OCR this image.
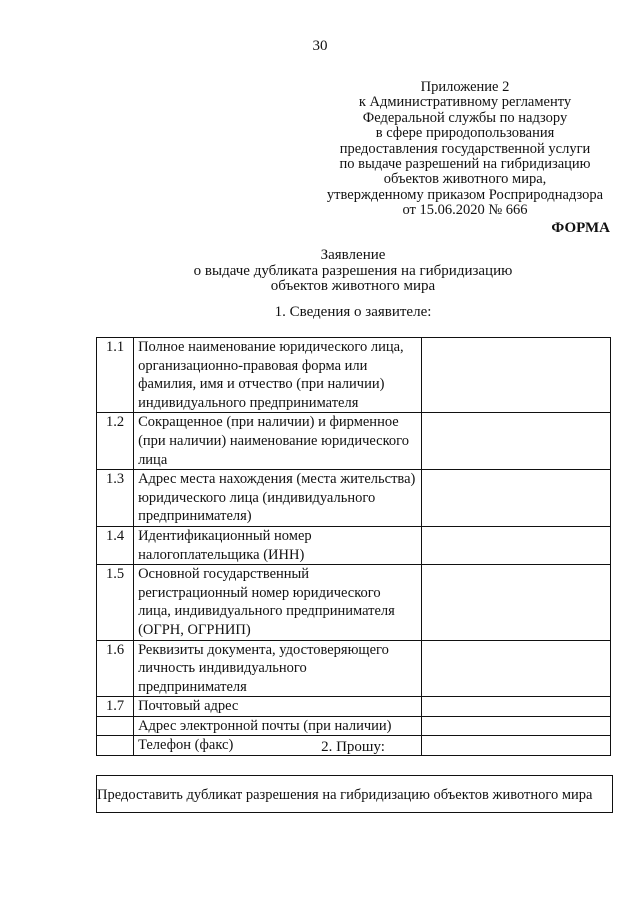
30
Приложение 2
к Административному регламенту
Федеральной службы по надзору
в сфере природопользования
предоставления государственной услуги
по выдаче разрешений на гибридизацию
объектов животного мира,
утвержденному приказом Росприроднадзора
от 15.06.2020 № 666
ФОРМА
Заявление
о выдаче дубликата разрешения на гибридизацию
объектов животного мира
1. Сведения о заявителе:
1.1	Полное наименование юридического лица, организационно-правовая форма или фамилия, имя и отчество (при наличии) индивидуального предпринимателя	
1.2	Сокращенное (при наличии) и фирменное (при наличии) наименование юридического лица	
1.3	Адрес места нахождения (места жительства) юридического лица (индивидуального предпринимателя)	
1.4	Идентификационный номер налогоплательщика (ИНН)	
1.5	Основной государственный регистрационный номер юридического лица, индивидуального предпринимателя (ОГРН, ОГРНИП)	
1.6	Реквизиты документа, удостоверяющего личность индивидуального предпринимателя	
1.7	Почтовый адрес	
	Адрес электронной почты (при наличии)	
	Телефон (факс)		2. Прошу:
Предоставить дубликат разрешения на гибридизацию объектов животного мира
